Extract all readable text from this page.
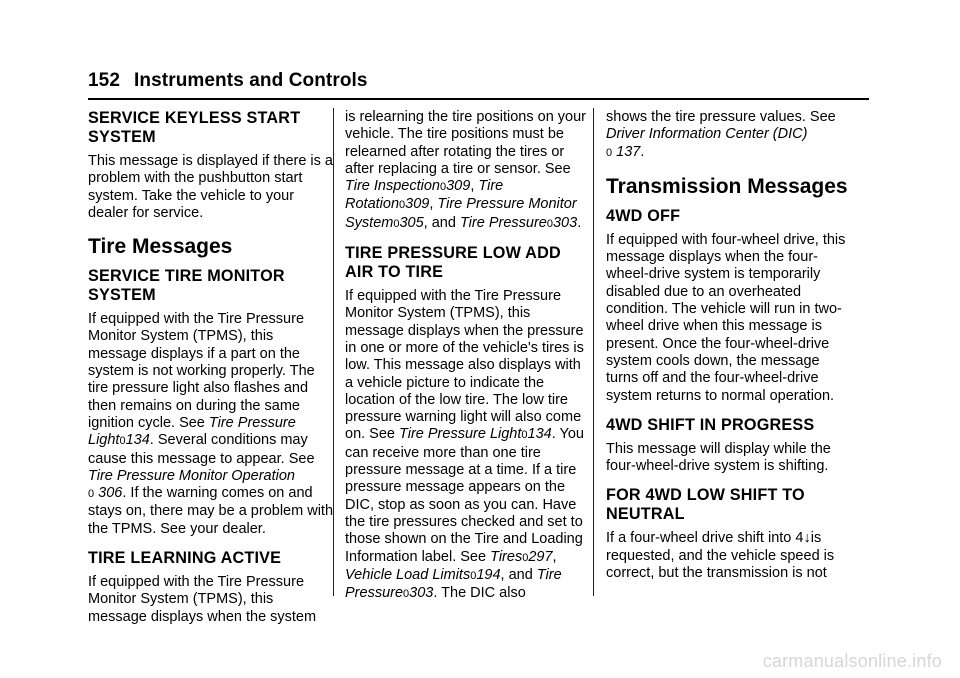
152 Instruments and Controls
SERVICE KEYLESS START
SYSTEM

This message is displayed if there is a problem with the pushbutton start system. Take the vehicle to your dealer for service.

Tire Messages
SERVICE TIRE MONITOR
SYSTEM

If equipped with the Tire Pressure Monitor System (TPMS), this message displays if a part on the system is not working properly. The tire pressure light also flashes and then remains on during the same ignition cycle. See Tire Pressure Light0134. Several conditions may cause this message to appear. See Tire Pressure Monitor Operation
0 306. If the warning comes on and stays on, there may be a problem with the TPMS. See your dealer.

TIRE LEARNING ACTIVE

If equipped with the Tire Pressure Monitor System (TPMS), this message displays when the system

is relearning the tire positions on your vehicle. The tire positions must be relearned after rotating the tires or after replacing a tire or sensor. See Tire Inspection0309, Tire Rotation0309, Tire Pressure Monitor System0305, and Tire Pressure0303.

TIRE PRESSURE LOW ADD
AIR TO TIRE

If equipped with the Tire Pressure Monitor System (TPMS), this message displays when the pressure in one or more of the vehicle's tires is low. This message also displays with a vehicle picture to indicate the location of the low tire. The low tire pressure warning light will also come on. See Tire Pressure Light0134. You can receive more than one tire pressure message at a time. If a tire pressure message appears on the DIC, stop as soon as you can. Have the tire pressures checked and set to those shown on the Tire and Loading Information label. See Tires0297, Vehicle Load Limits0194, and Tire Pressure0303. The DIC also

shows the tire pressure values. See Driver Information Center (DIC)
0 137.

Transmission Messages
4WD OFF

If equipped with four-wheel drive, this message displays when the four-wheel-drive system is temporarily disabled due to an overheated condition. The vehicle will run in two-wheel drive when this message is present. Once the four-wheel-drive system cools down, the message turns off and the four-wheel-drive system returns to normal operation.

4WD SHIFT IN PROGRESS

This message will display while the four-wheel-drive system is shifting.

FOR 4WD LOW SHIFT TO
NEUTRAL

If a four-wheel drive shift into 4↓is requested, and the vehicle speed is correct, but the transmission is not

carmanualsonline.info
